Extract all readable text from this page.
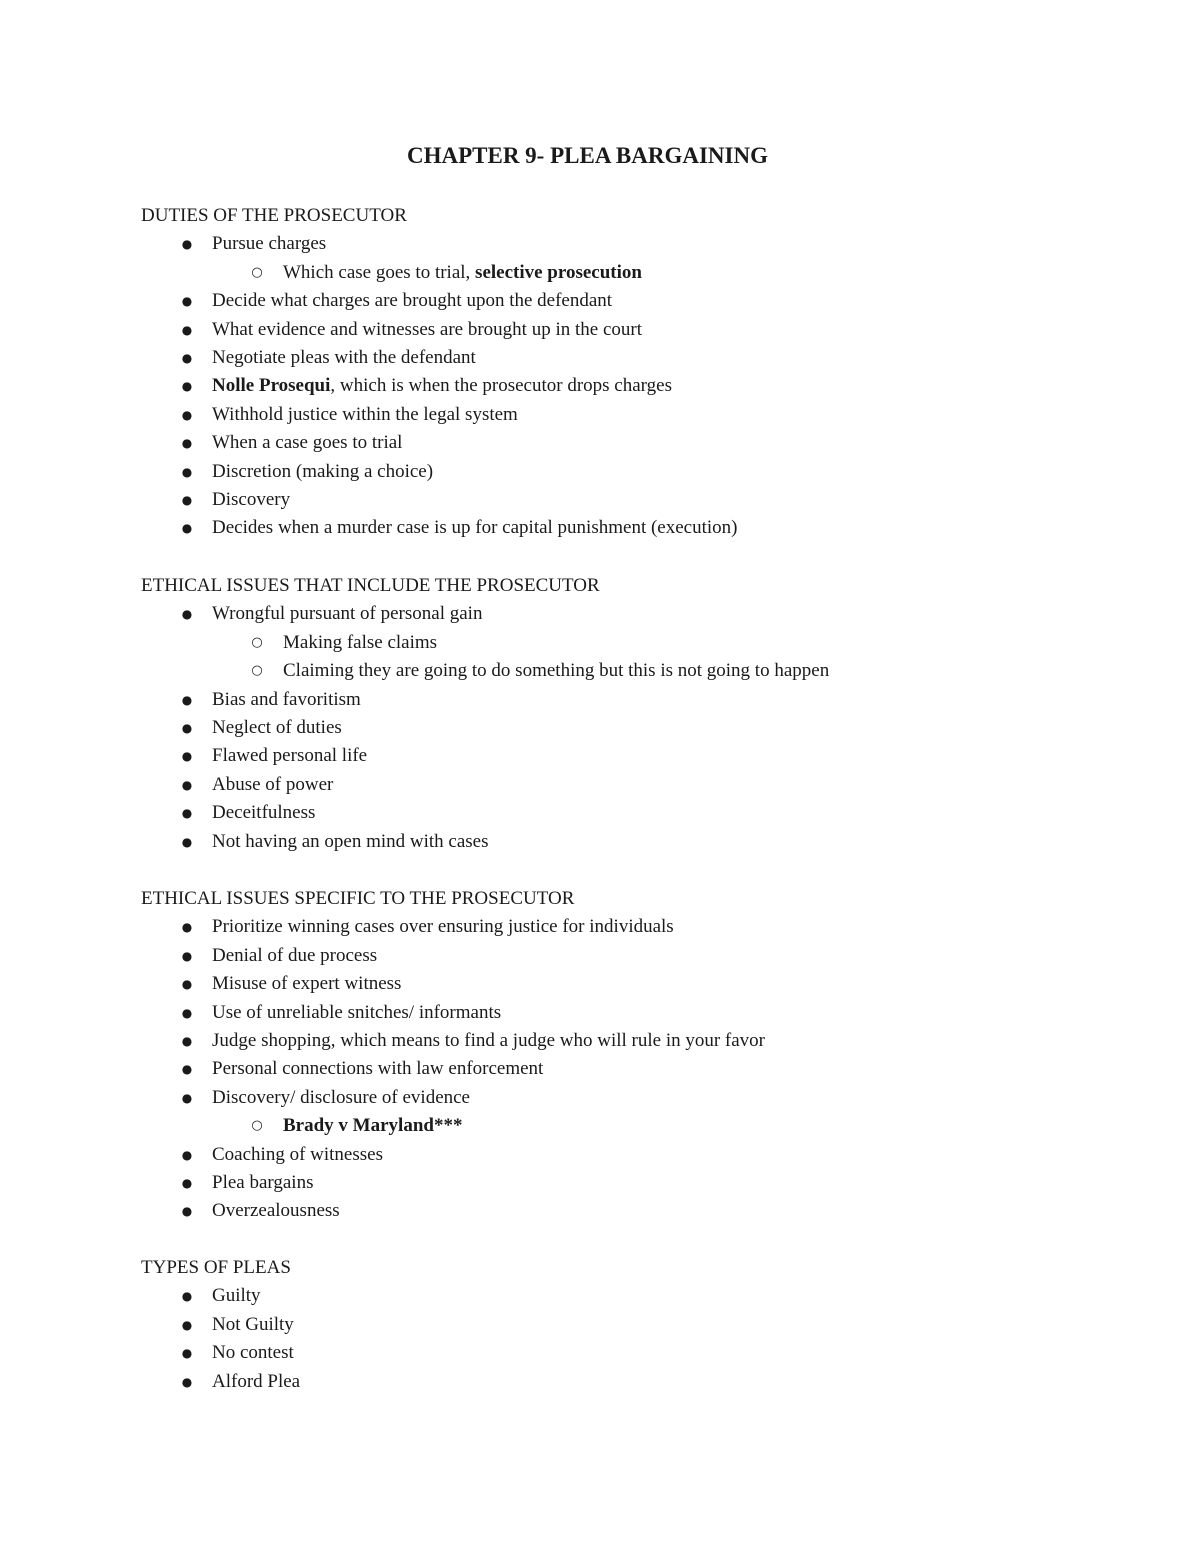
CHAPTER 9- PLEA BARGAINING
DUTIES OF THE PROSECUTOR
● Pursue charges
○ Which case goes to trial, selective prosecution
● Decide what charges are brought upon the defendant
● What evidence and witnesses are brought up in the court
● Negotiate pleas with the defendant
● Nolle Prosequi, which is when the prosecutor drops charges
● Withhold justice within the legal system
● When a case goes to trial
● Discretion (making a choice)
● Discovery
● Decides when a murder case is up for capital punishment (execution)
ETHICAL ISSUES THAT INCLUDE THE PROSECUTOR
● Wrongful pursuant of personal gain
○ Making false claims
○ Claiming they are going to do something but this is not going to happen
● Bias and favoritism
● Neglect of duties
● Flawed personal life
● Abuse of power
● Deceitfulness
● Not having an open mind with cases
ETHICAL ISSUES SPECIFIC TO THE PROSECUTOR
● Prioritize winning cases over ensuring justice for individuals
● Denial of due process
● Misuse of expert witness
● Use of unreliable snitches/ informants
● Judge shopping, which means to find a judge who will rule in your favor
● Personal connections with law enforcement
● Discovery/ disclosure of evidence
○ Brady v Maryland***
● Coaching of witnesses
● Plea bargains
● Overzealousness
TYPES OF PLEAS
● Guilty
● Not Guilty
● No contest
● Alford Plea
